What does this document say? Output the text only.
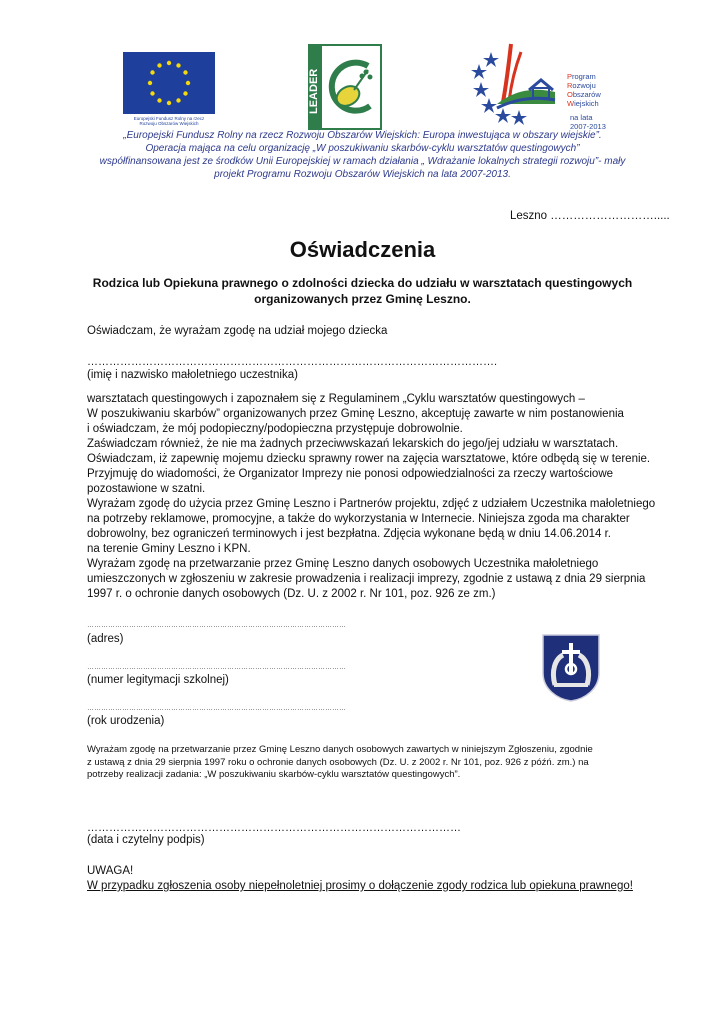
Europejski Fundusz Rolny na rzecz
Rozwoju Obszarów Wiejskich
LEADER	Program
Rozwoju
Obszarów
Wiejskich
na lata 2007-2013
„Europejski Fundusz Rolny na rzecz Rozwoju Obszarów Wiejskich: Europa inwestująca w obszary wiejskie”.
Operacja mająca na celu organizację „W poszukiwaniu skarbów-cyklu warsztatów questingowych”
współfinansowana jest ze środków Unii Europejskiej w ramach działania „ Wdrażanie lokalnych strategii rozwoju”- mały
projekt Programu Rozwoju Obszarów Wiejskich na lata 2007-2013.
Leszno ……………………….....
Oświadczenia
Rodzica lub Opiekuna prawnego o zdolności dziecka do udziału w warsztatach questingowych
organizowanych przez Gminę Leszno.
Oświadczam, że wyrażam zgodę na udział mojego dziecka
………………………………………………………………………………………………….
(imię i nazwisko małoletniego uczestnika)
warsztatach questingowych i zapoznałem się z Regulaminem „Cyklu warsztatów questingowych –
W poszukiwaniu skarbów” organizowanych przez Gminę Leszno, akceptuję zawarte w nim postanowienia
i oświadczam, że mój podopieczny/podopieczna przystępuje dobrowolnie.
Zaświadczam również, że nie ma żadnych przeciwwskazań lekarskich do jego/jej udziału w warsztatach.
Oświadczam, iż zapewnię mojemu dziecku sprawny rower na zajęcia warsztatowe, które odbędą się w terenie.
Przyjmuję do wiadomości, że Organizator Imprezy nie ponosi odpowiedzialności za rzeczy wartościowe
pozostawione w szatni.
Wyrażam zgodę do użycia przez Gminę Leszno i Partnerów projektu, zdjęć z udziałem Uczestnika małoletniego
na potrzeby reklamowe, promocyjne, a także do wykorzystania w Internecie. Niniejsza zgoda ma charakter
dobrowolny, bez ograniczeń terminowych i jest bezpłatna. Zdjęcia wykonane będą w dniu 14.06.2014 r.
na terenie Gminy Leszno i KPN.
Wyrażam zgodę na przetwarzanie przez Gminę Leszno danych osobowych Uczestnika małoletniego
umieszczonych w zgłoszeniu w zakresie prowadzenia i realizacji imprezy, zgodnie z ustawą z dnia 29 sierpnia
1997 r. o ochronie danych osobowych (Dz. U. z 2002 r. Nr 101, poz. 926 ze zm.)
…………………………………………………………………………………………………
(adres)
…………………………………………………………………………………………………
(numer legitymacji szkolnej)
…………………………………………………………………………………………………
(rok urodzenia)
Wyrażam zgodę na przetwarzanie przez Gminę Leszno danych osobowych zawartych w niniejszym Zgłoszeniu, zgodnie
z ustawą z dnia 29 sierpnia 1997 roku o ochronie danych osobowych (Dz. U. z 2002 r. Nr 101, poz. 926 z późń. zm.) na
potrzeby realizacji zadania: „W poszukiwaniu skarbów-cyklu warsztatów questingowych”.
…………………………………………………………………………………………
(data i czytelny podpis)
UWAGA!
W przypadku zgłoszenia osoby niepełnoletniej prosimy o dołączenie zgody rodzica lub opiekuna prawnego!
